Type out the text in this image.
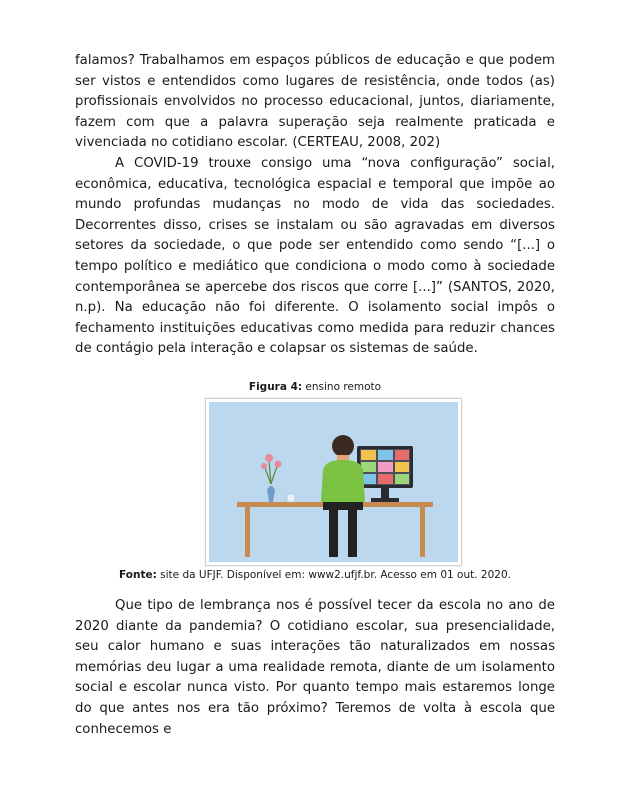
falamos? Trabalhamos em espaços públicos de educação e que podem ser vistos e entendidos como lugares de resistência, onde todos (as) profissionais envolvidos no processo educacional, juntos, diariamente, fazem com que a palavra superação seja realmente praticada e vivenciada no cotidiano escolar. (CERTEAU, 2008, 202)

A COVID-19 trouxe consigo uma “nova configuração” social, econômica, educativa, tecnológica espacial e temporal que impõe ao mundo profundas mudanças no modo de vida das sociedades. Decorrentes disso, crises se instalam ou são agravadas em diversos setores da sociedade, o que pode ser entendido como sendo “[...] o tempo político e mediático que condiciona o modo como à sociedade contemporânea se apercebe dos riscos que corre [...]” (SANTOS, 2020, n.p). Na educação não foi diferente. O isolamento social impôs o fechamento instituições educativas como medida para reduzir chances de contágio pela interação e colapsar os sistemas de saúde.

Figura 4: ensino remoto

Fonte: site da UFJF. Disponível em: www2.ufjf.br. Acesso em 01 out. 2020.

Que tipo de lembrança nos é possível tecer da escola no ano de 2020 diante da pandemia? O cotidiano escolar, sua presencialidade, seu calor humano e suas interações tão naturalizados em nossas memórias deu lugar a uma realidade remota, diante de um isolamento social e escolar nunca visto. Por quanto tempo mais estaremos longe do que antes nos era tão próximo? Teremos de volta à escola que conhecemos e
